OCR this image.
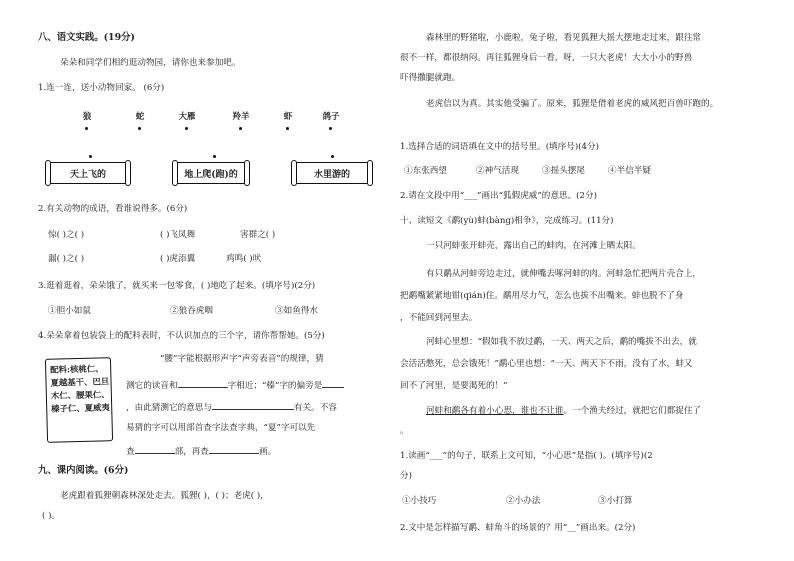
八、语文实践。(19分)
朵朵和同学们相约逛动物园，请你也来参加吧。
1.连一连，送小动物回家。 (6分)
狼	蛇	大雁	羚羊	虾	鸽子
天上飞的	地上爬(跑)的	水里游的
2.有关动物的成语，看谁说得多。(6分)
惊( )之( )	( )飞凤舞	害群之( )
漏( )之( )	( )虎添翼	鸡鸣( )吠
3.逛着逛着，朵朵饿了，就买来一包零食，( )地吃了起来。(填序号)(2分)
①胆小如鼠	②狼吞虎咽	③如鱼得水
4.朵朵拿着包装袋上的配料表时，不认识加点的三个字，请你帮帮她。(5分)
配料:核桃仁、
夏越基干、巴旦
木仁、腰果仁、
榛子仁、夏威夷
“腰”字能根据形声字“声旁表音”的规律，猜
测它的读音和	字相近；“榛”字的偏旁是
，由此猜测它的意思与	有关。不容
易猜的字可以用部首查字法查字典，“夏”字可以先
查	部，再查	画。
九、课内阅读。(6分)
老虎跟着狐狸朝森林深处走去。狐狸( )，( )；老虎( )，
( )。
森林里的野猪啦，小鹿啦，兔子啦，看见狐狸大摇大摆地走过来，跟往常
很不一样，都很纳闷。再往狐狸身后一看，呀，一只大老虎！大大小小的野兽
吓得撒腿就跑。
老虎信以为真。其实他受骗了。原来，狐狸是借着老虎的威风把百兽吓跑的。
1.选择合适的词语填在文中的括号里。(填序号)(4分)
①东张西望	②神气活现	③摇头摆尾	④半信半疑
2.请在文段中用“___”画出“狐假虎威”的意思。(2分)
十、读短文《鹬(yù)蚌(bàng)相争》，完成练习。(11分)
一只河蚌张开蚌壳，露出自己的蚌肉，在河滩上晒太阳。
有只鹬从河蚌旁边走过，就伸嘴去啄河蚌的肉。河蚌急忙把两片壳合上，
把鹬嘴紧紧地钳(qián)住。鹬用尽力气，怎么也拔不出嘴来。蚌也脱不了身
，不能回到河里去。
河蚌心里想：“假如我不放过鹬，一天、两天之后，鹬的嘴拔不出去，就
会活活憋死，总会饿死！”鹬心里也想：“一天、两天下不雨，没有了水，蚌又
回不了河里，是要渴死的！”
河蚌和鹬各有着小心思，谁也不让谁。一个渔夫经过，就把它们都捉住了
。
1.读画“___”的句子，联系上文可知，“小心思”是指( )。(填序号)(2
分)
①小技巧	②小办法	③小打算
2.文中是怎样描写鹬、蚌角斗的场景的？用“__”画出来。(2分)
